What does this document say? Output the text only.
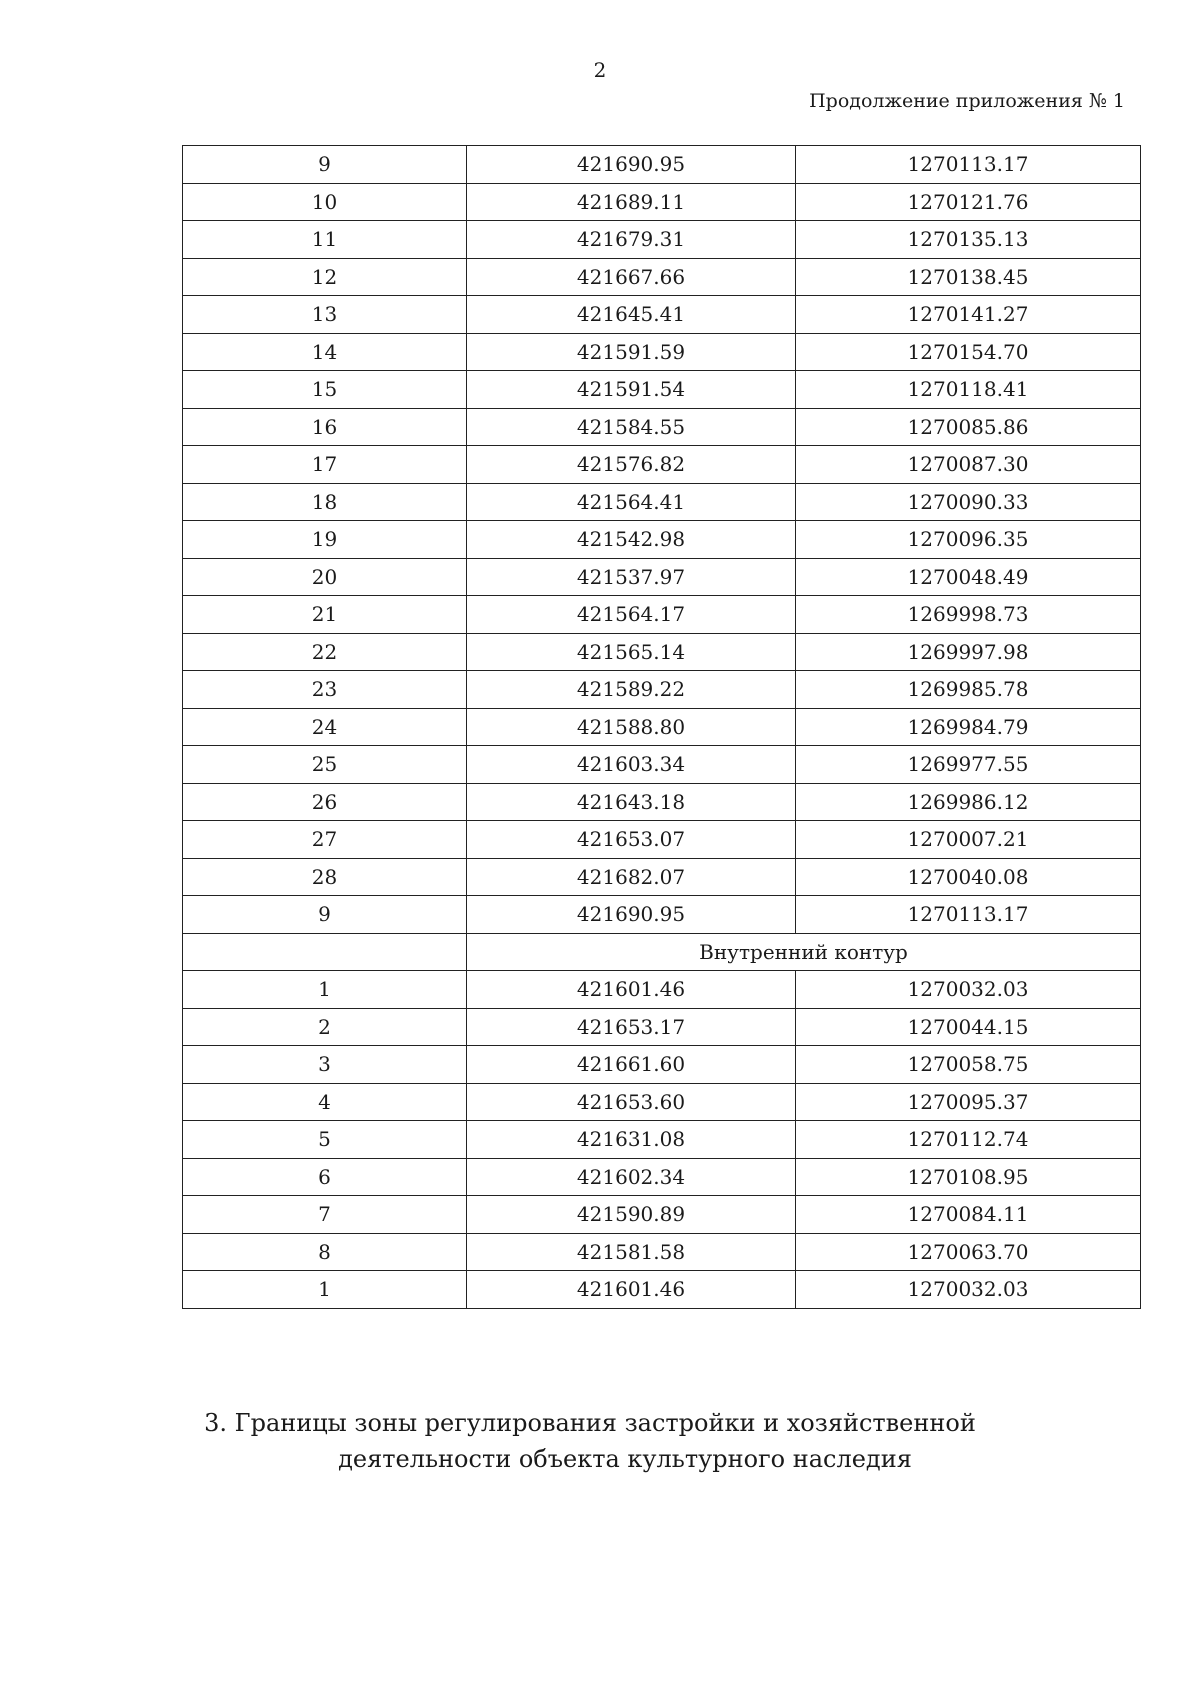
2
Продолжение приложения № 1
9	421690.95	1270113.17
10	421689.11	1270121.76
11	421679.31	1270135.13
12	421667.66	1270138.45
13	421645.41	1270141.27
14	421591.59	1270154.70
15	421591.54	1270118.41
16	421584.55	1270085.86
17	421576.82	1270087.30
18	421564.41	1270090.33
19	421542.98	1270096.35
20	421537.97	1270048.49
21	421564.17	1269998.73
22	421565.14	1269997.98
23	421589.22	1269985.78
24	421588.80	1269984.79
25	421603.34	1269977.55
26	421643.18	1269986.12
27	421653.07	1270007.21
28	421682.07	1270040.08
9	421690.95	1270113.17
	Внутренний контур	
1	421601.46	1270032.03
2	421653.17	1270044.15
3	421661.60	1270058.75
4	421653.60	1270095.37
5	421631.08	1270112.74
6	421602.34	1270108.95
7	421590.89	1270084.11
8	421581.58	1270063.70
1	421601.46	1270032.03
3. Границы зоны регулирования застройки и хозяйственной
деятельности объекта культурного наследия
